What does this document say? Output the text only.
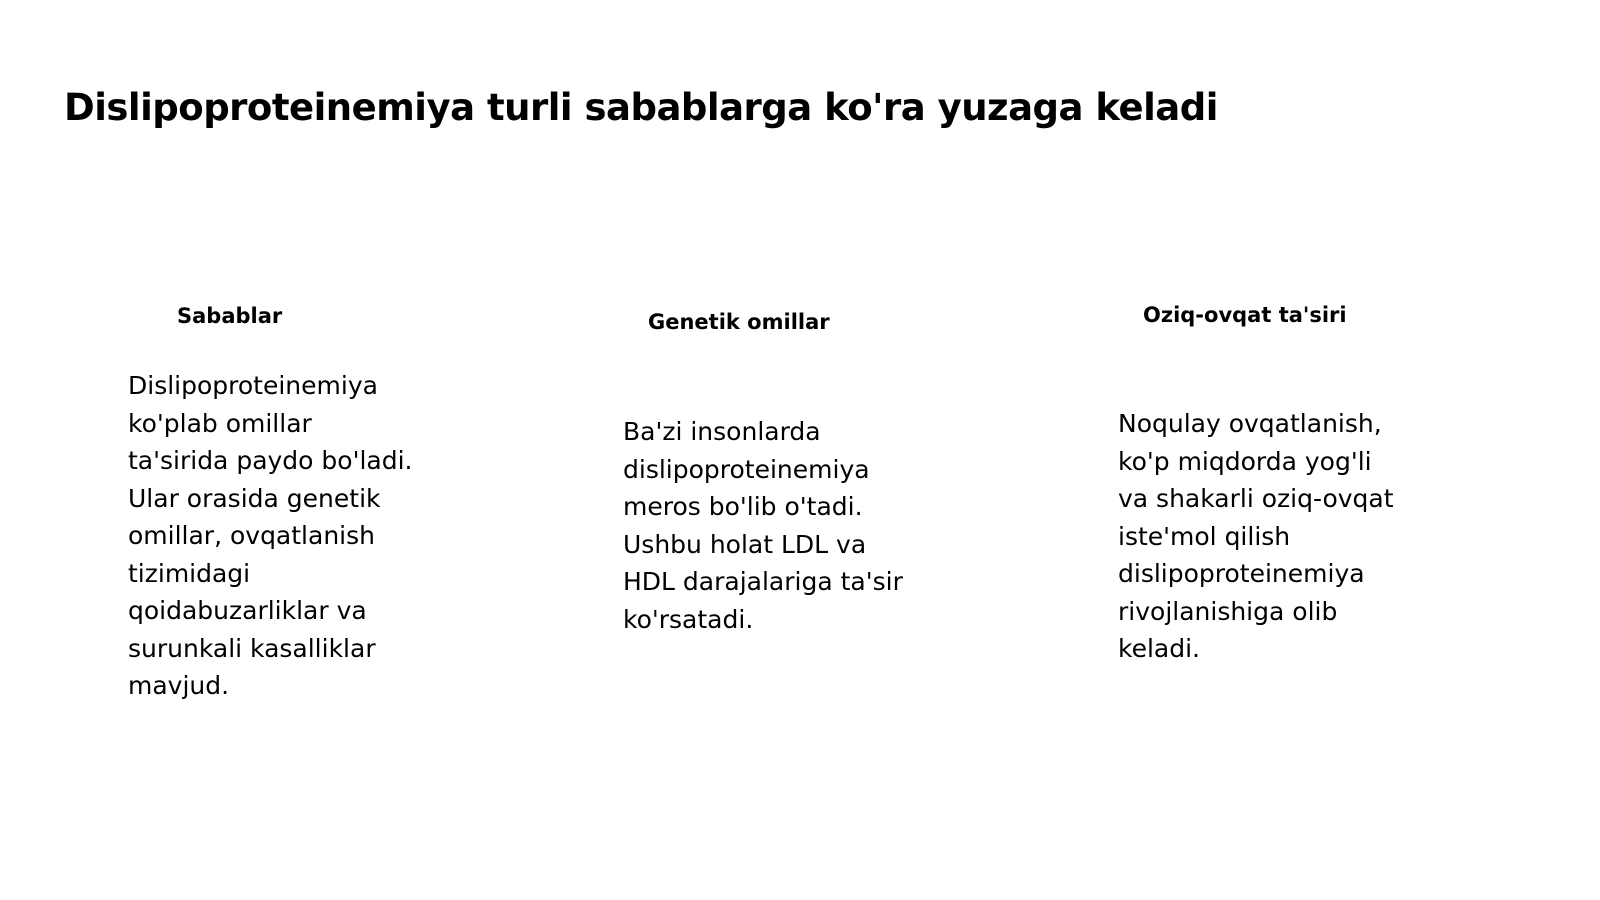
Dislipoproteinemiya turli sabablarga ko'ra yuzaga keladi
Sabablar

Dislipoproteinemiya
ko'plab omillar
ta'sirida paydo bo'ladi.
Ular orasida genetik
omillar, ovqatlanish
tizimidagi
qoidabuzarliklar va
surunkali kasalliklar
mavjud.

Genetik omillar

Ba'zi insonlarda
dislipoproteinemiya
meros bo'lib o'tadi.
Ushbu holat LDL va
HDL darajalariga ta'sir
ko'rsatadi.

Oziq-ovqat ta'siri

Noqulay ovqatlanish,
ko'p miqdorda yog'li
va shakarli oziq-ovqat
iste'mol qilish
dislipoproteinemiya
rivojlanishiga olib
keladi.
